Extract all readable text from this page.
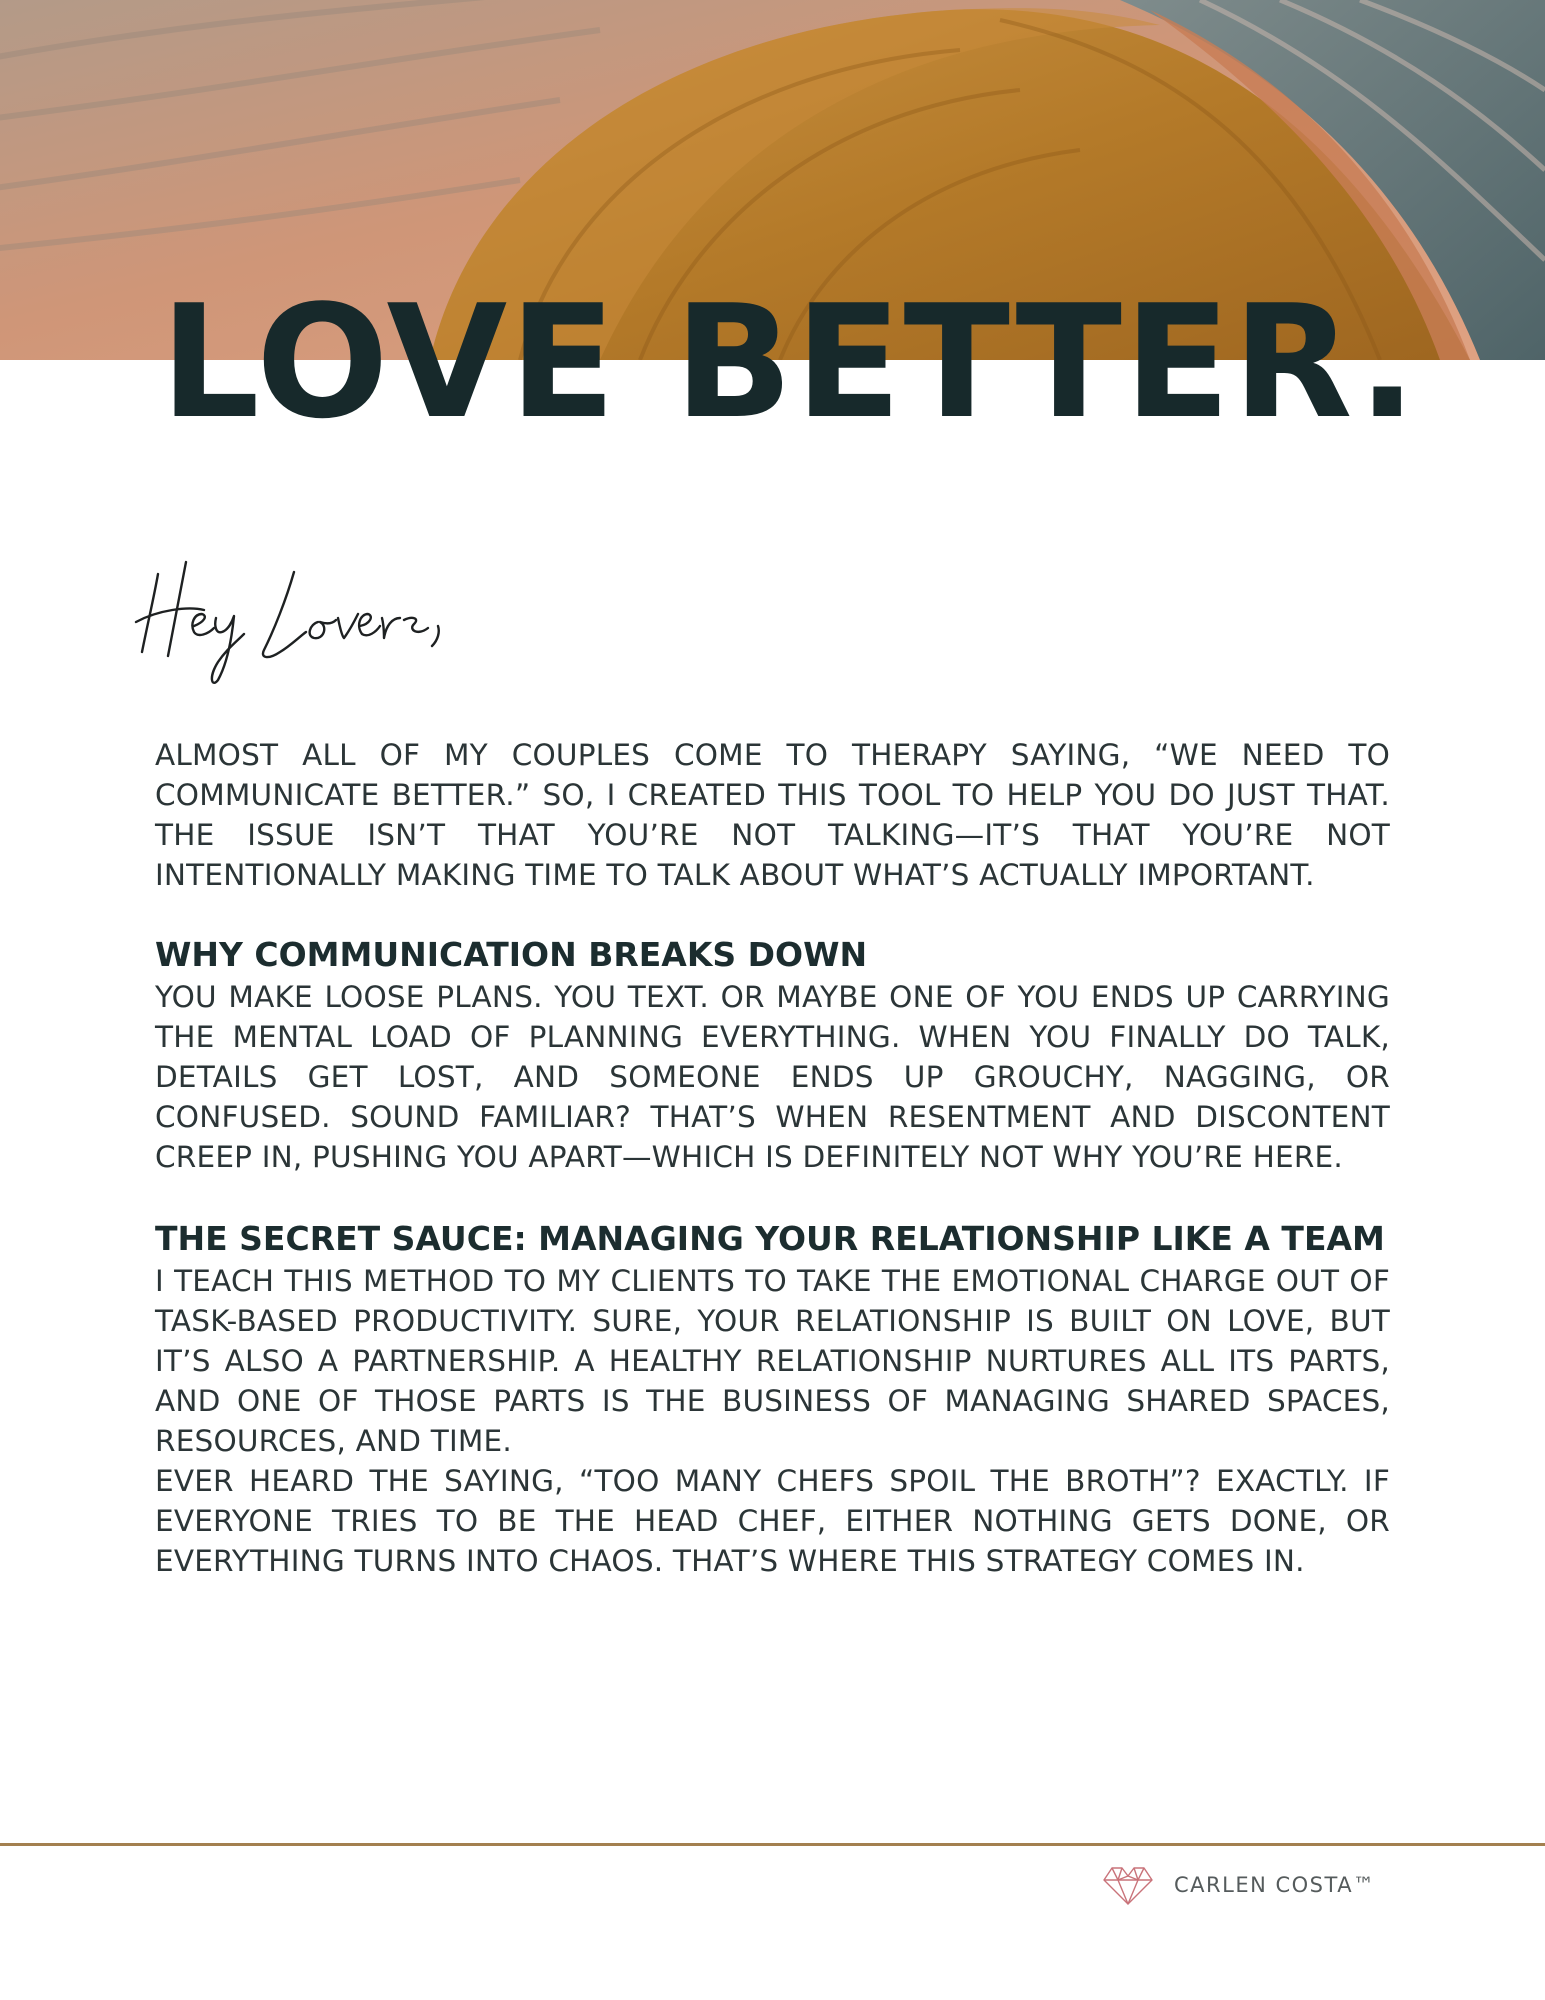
LOVE BETTER.

ALMOST ALL OF MY COUPLES COME TO THERAPY SAYING, “WE NEED TO COMMUNICATE BETTER.” SO, I CREATED THIS TOOL TO HELP YOU DO JUST THAT. THE ISSUE ISN’T THAT YOU’RE NOT TALKING—IT’S THAT YOU’RE NOT INTENTIONALLY MAKING TIME TO TALK ABOUT WHAT’S ACTUALLY IMPORTANT.

WHY COMMUNICATION BREAKS DOWN

YOU MAKE LOOSE PLANS. YOU TEXT. OR MAYBE ONE OF YOU ENDS UP CARRYING THE MENTAL LOAD OF PLANNING EVERYTHING. WHEN YOU FINALLY DO TALK, DETAILS GET LOST, AND SOMEONE ENDS UP GROUCHY, NAGGING, OR CONFUSED. SOUND FAMILIAR? THAT’S WHEN RESENTMENT AND DISCONTENT CREEP IN, PUSHING YOU APART—WHICH IS DEFINITELY NOT WHY YOU’RE HERE.

THE SECRET SAUCE: MANAGING YOUR RELATIONSHIP LIKE A TEAM

I TEACH THIS METHOD TO MY CLIENTS TO TAKE THE EMOTIONAL CHARGE OUT OF TASK-BASED PRODUCTIVITY. SURE, YOUR RELATIONSHIP IS BUILT ON LOVE, BUT IT’S ALSO A PARTNERSHIP. A HEALTHY RELATIONSHIP NURTURES ALL ITS PARTS, AND ONE OF THOSE PARTS IS THE BUSINESS OF MANAGING SHARED SPACES, RESOURCES, AND TIME.

EVER HEARD THE SAYING, “TOO MANY CHEFS SPOIL THE BROTH”? EXACTLY. IF EVERYONE TRIES TO BE THE HEAD CHEF, EITHER NOTHING GETS DONE, OR EVERYTHING TURNS INTO CHAOS. THAT’S WHERE THIS STRATEGY COMES IN.

CARLEN COSTA™
